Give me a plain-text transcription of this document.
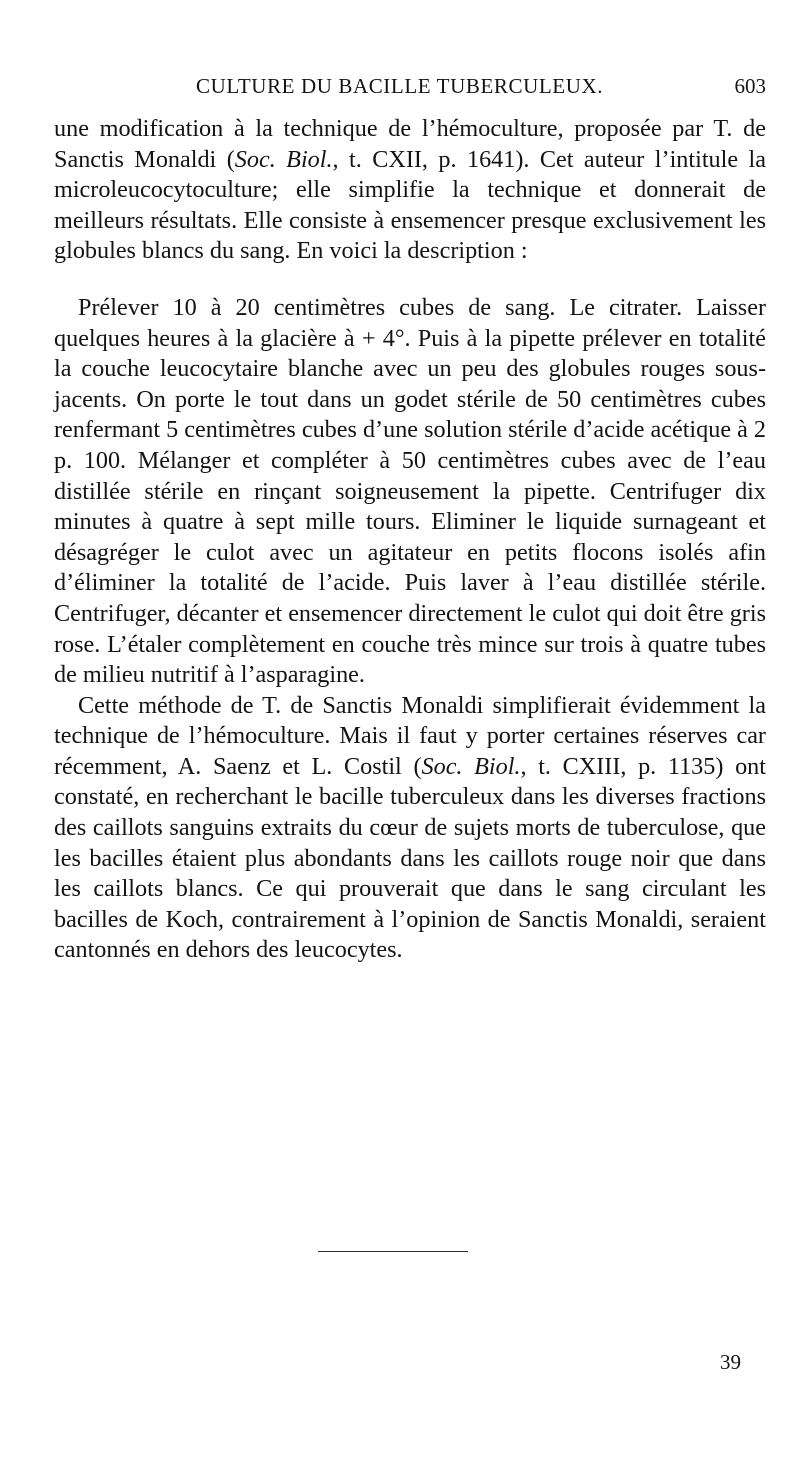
CULTURE DU BACILLE TUBERCULEUX.	603

une modification à la technique de l’hémoculture, proposée par T. de Sanctis Monaldi (Soc. Biol., t. CXII, p. 1641). Cet auteur l’intitule la microleucocytoculture; elle simplifie la technique et donnerait de meilleurs résultats. Elle consiste à ensemencer presque exclusivement les globules blancs du sang. En voici la description :

Prélever 10 à 20 centimètres cubes de sang. Le citrater. Laisser quelques heures à la glacière à + 4°. Puis à la pipette prélever en totalité la couche leucocytaire blanche avec un peu des globules rouges sous-jacents. On porte le tout dans un godet stérile de 50 centimètres cubes renfermant 5 centimètres cubes d’une solution stérile d’acide acétique à 2 p. 100. Mélanger et compléter à 50 centimètres cubes avec de l’eau distillée stérile en rinçant soigneusement la pipette. Centrifuger dix minutes à quatre à sept mille tours. Eliminer le liquide surnageant et désagréger le culot avec un agitateur en petits flocons isolés afin d’éliminer la totalité de l’acide. Puis laver à l’eau distillée stérile. Centrifuger, décanter et ensemencer directement le culot qui doit être gris rose. L’étaler complètement en couche très mince sur trois à quatre tubes de milieu nutritif à l’asparagine.

Cette méthode de T. de Sanctis Monaldi simplifierait évidemment la technique de l’hémoculture. Mais il faut y porter certaines réserves car récemment, A. Saenz et L. Costil (Soc. Biol., t. CXIII, p. 1135) ont constaté, en recherchant le bacille tuberculeux dans les diverses fractions des caillots sanguins extraits du cœur de sujets morts de tuberculose, que les bacilles étaient plus abondants dans les caillots rouge noir que dans les caillots blancs. Ce qui prouverait que dans le sang circulant les bacilles de Koch, contrairement à l’opinion de Sanctis Monaldi, seraient cantonnés en dehors des leucocytes.

39
